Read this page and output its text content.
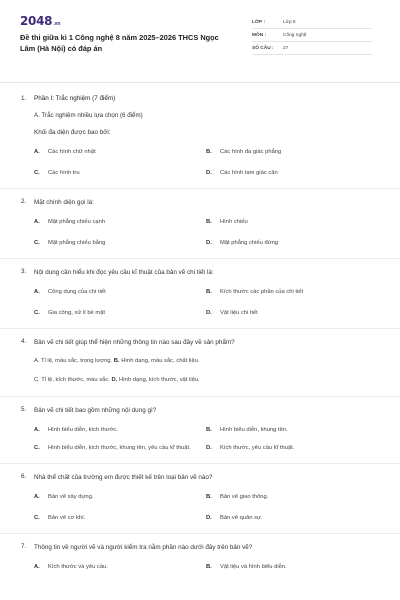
2048 .vn
Đề thi giữa kì 1 Công nghệ 8 năm 2025–2026 THCS Ngọc Lâm (Hà Nội) có đáp án
LỚP :	Lớp 8
MÔN :	Công nghệ
SỐ CÂU :	27
1. Phần I: Trắc nghiệm (7 điểm)
A. Trắc nghiệm nhiều lựa chọn (6 điểm)
Khối đa diện được bao bởi:
A.	Các hình chữ nhật	B.	Các hình đa giác phẳng
C.	Các hình tru	D.	Các hình tam giác cân
2. Mặt chính diện gọi là:
A.	Mặt phẳng chiếu cạnh	B.	Hình chiếu
C.	Mặt phẳng chiếu bằng	D.	Mặt phẳng chiếu đứng
3. Nội dung cần hiểu khi đọc yêu cầu kĩ thuật của bản vẽ chi tiết là:
A.	Công dụng của chi tiết	B.	Kích thước các phần của chi tiết
C.	Gia công, xử lí bề mặt	D.	Vật liệu chi tiết
4. Bản vẽ chi tiết giúp thể hiện những thông tin nào sau đây về sản phẩm?
A. Tỉ lệ, màu sắc, trọng lượng. B. Hình dạng, màu sắc, chất liệu.
C. Tỉ lệ, kích thước, màu sắc. D. Hình dạng, kích thước, vật liệu.
5. Bản vẽ chi tiết bao gồm những nội dung gì?
A.	Hình biểu diễn, kích thước.	B.	Hình biểu diễn, khung tên.
C.	Hình biểu diễn, kích thước, khung tên, yêu cầu kĩ thuật.	D.	Kích thước, yêu cầu kĩ thuật.
6. Nhà thể chất của trường em được thiết kế trên loại bản vẽ nào?
A.	Bản vẽ xây dựng.	B.	Bản vẽ giao thông.
C.	Bản vẽ cơ khí.	D.	Bản vẽ quân sự.
7. Thông tin về người vẽ và người kiểm tra nằm phần nào dưới đây trên bản vẽ?
A.	Kích thước và yêu cầu.	B.	Vật liệu và hình biểu diễn.
